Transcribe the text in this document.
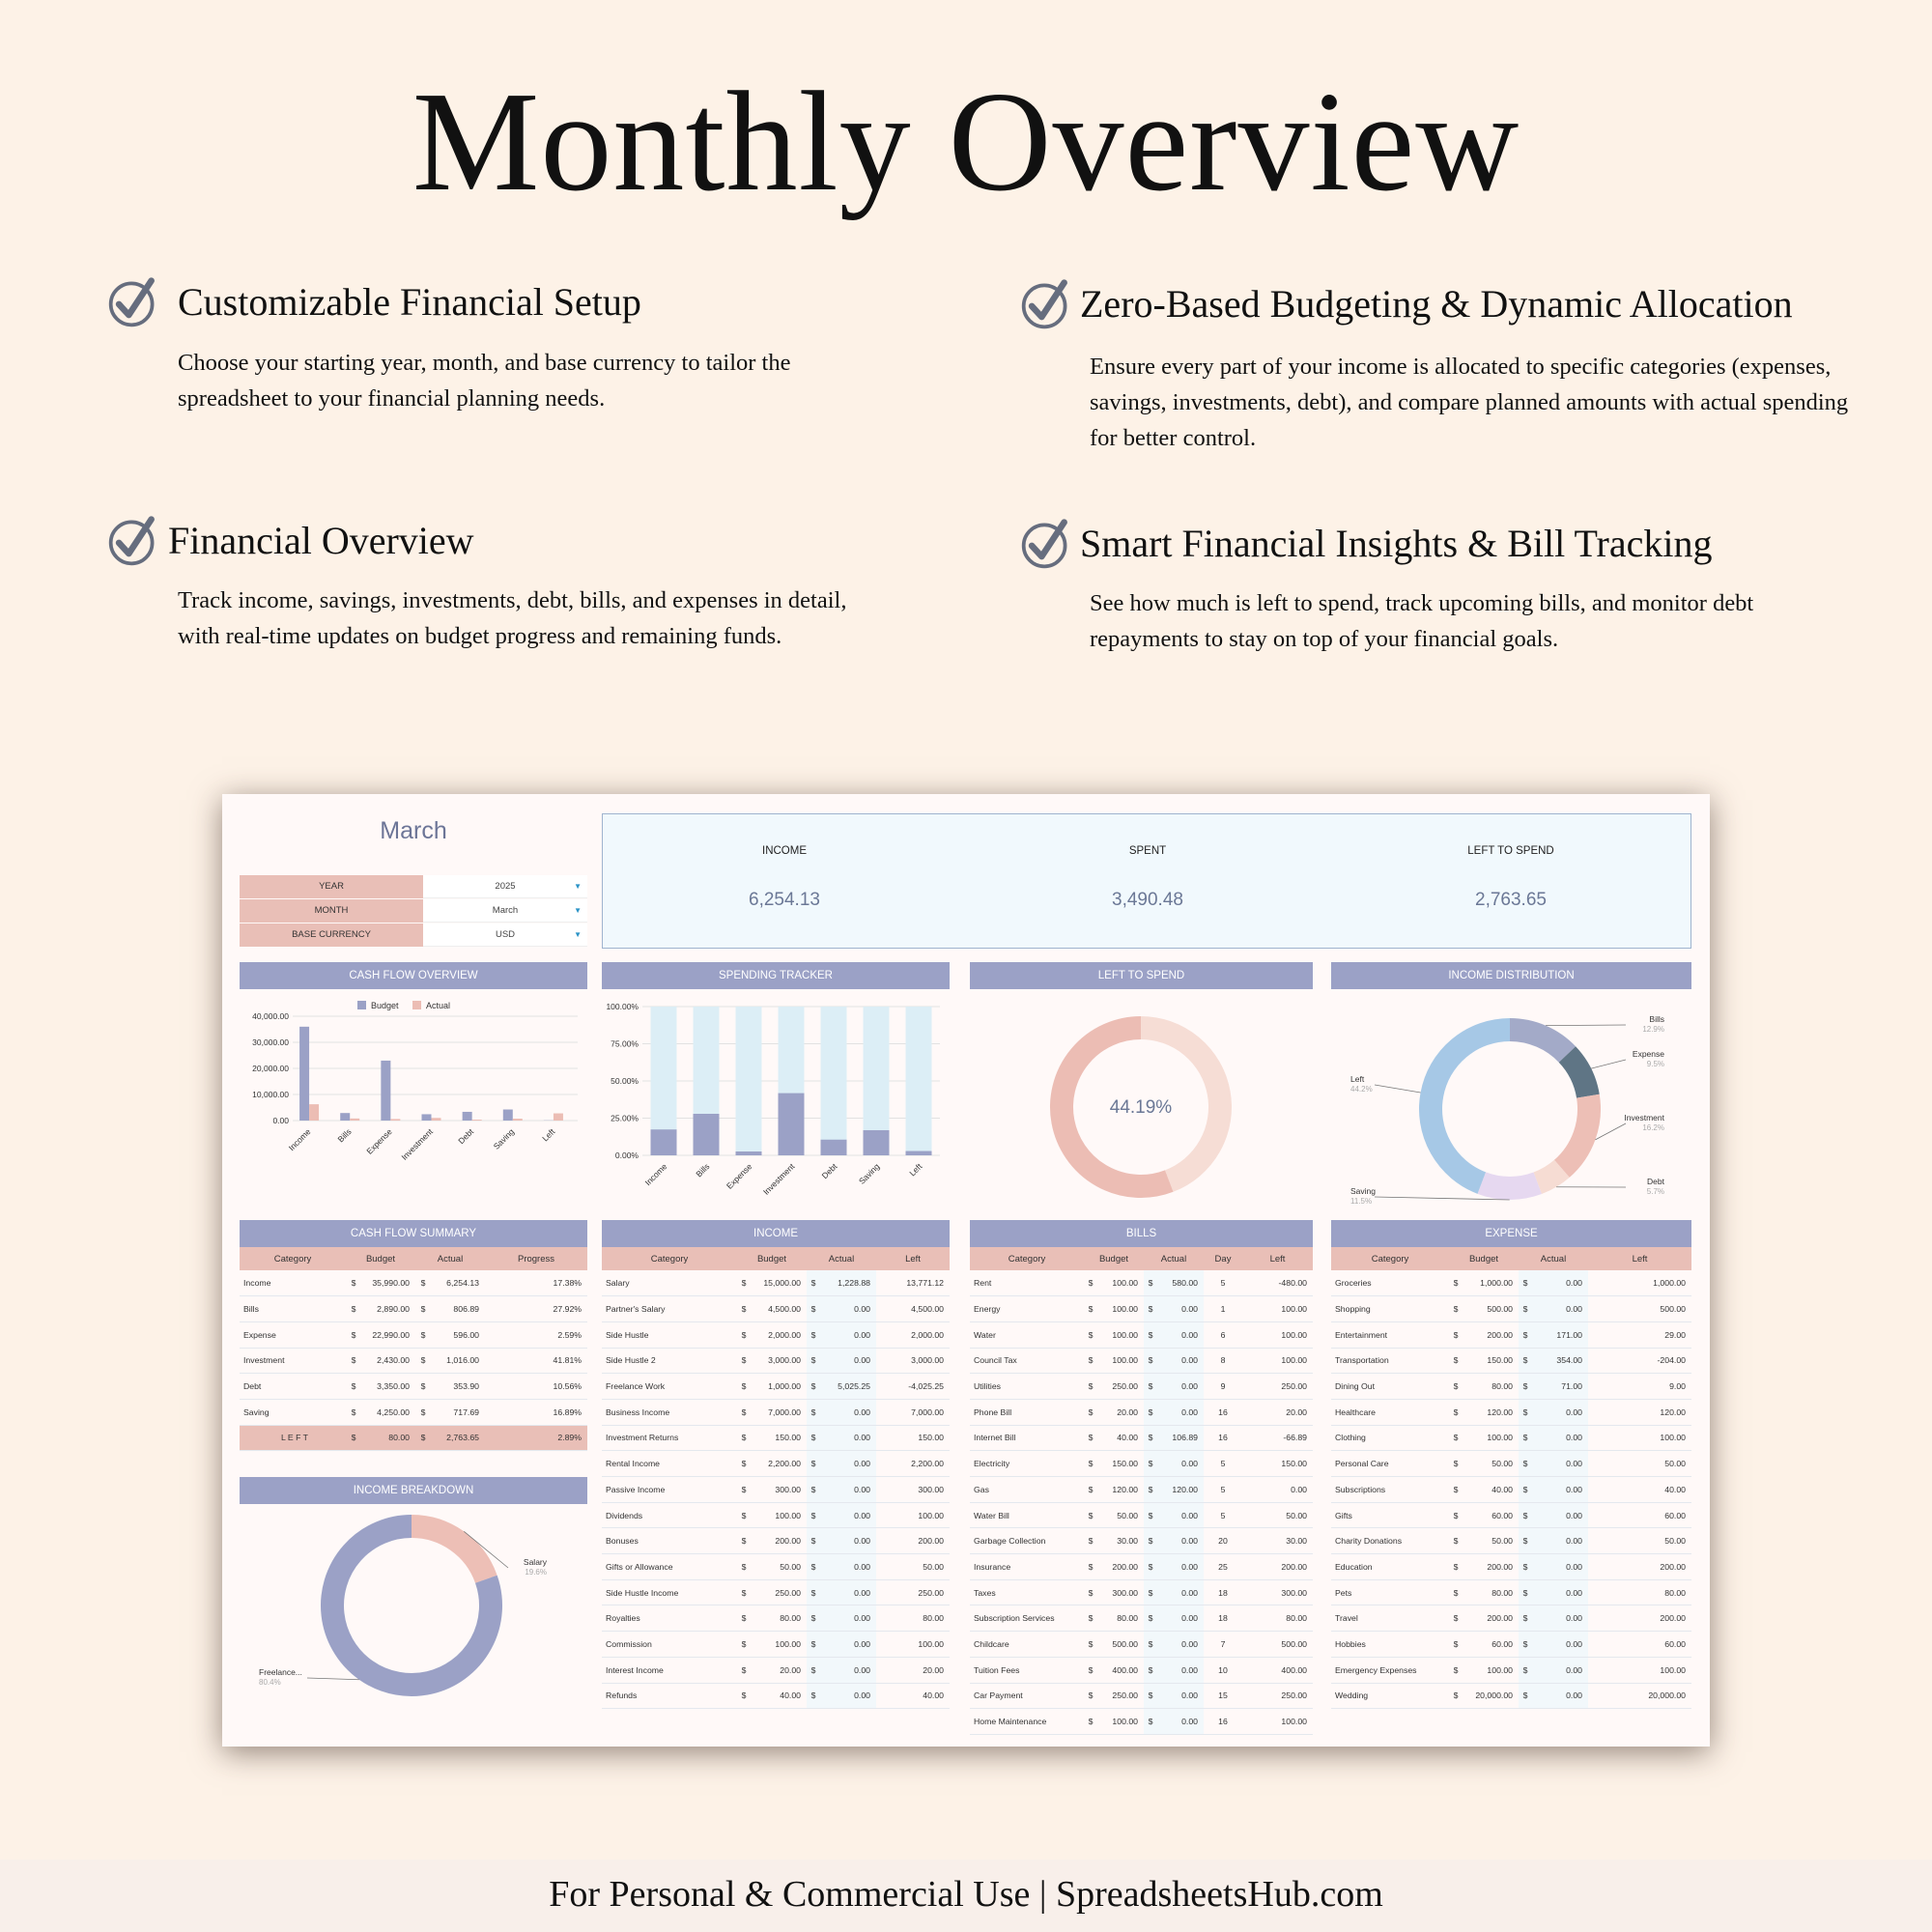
Monthly Overview
Customizable Financial Setup

Choose your starting year, month, and base currency to tailor the spreadsheet to your financial planning needs.

Zero-Based Budgeting & Dynamic Allocation

Ensure every part of your income is allocated to specific categories (expenses, savings, investments, debt), and compare planned amounts with actual spending for better control.

Financial Overview

Track income, savings, investments, debt, bills, and expenses in detail, with real-time updates on budget progress and remaining funds.

Smart Financial Insights & Bill Tracking

See how much is left to spend, track upcoming bills, and monitor debt repayments to stay on top of your financial goals.

March
YEAR	2025	▼
MONTH	March	▼
BASE CURRENCY	USD	▼
INCOME
6,254.13
SPENT
3,490.48
LEFT TO SPEND
2,763.65
CASH FLOW OVERVIEW	SPENDING TRACKER	LEFT TO SPEND	INCOME DISTRIBUTION
Budget	Actual
40,000.00
30,000.00
20,000.00
10,000.00
0.00
Income	Bills Expense Investment	Debt Saving	Left
100.00%
75.00%
50.00%
25.00%
0.00%
Income	Bills Expense Investment	Debt Saving	Left
44.19%
Bills
12.9%
Expense
9.5%
Investment
16.2%
Debt
5.7%
Saving
11.5%
Left
44.2%
CASH FLOW SUMMARY	INCOME	BILLS	EXPENSE
Category	Budget		Actual		Progress
Income	$	35,990.00	$	6,254.13	17.38%
Bills	$	2,890.00	$	806.89	27.92%
Expense	$	22,990.00	$	596.00	2.59%
Investment	$	2,430.00	$	1,016.00	41.81%
Debt	$	3,350.00	$	353.90	10.56%
Saving	$	4,250.00	$	717.69	16.89%
L E F T	$	80.00	$	2,763.65	2.89%
Category	Budget		Actual		Left
Salary	$	15,000.00	$	1,228.88	13,771.12
Partner's Salary	$	4,500.00	$	0.00	4,500.00
Side Hustle	$	2,000.00	$	0.00	2,000.00
Side Hustle 2	$	3,000.00	$	0.00	3,000.00
Freelance Work	$	1,000.00	$	5,025.25	-4,025.25
Business Income	$	7,000.00	$	0.00	7,000.00
Investment Returns	$	150.00	$	0.00	150.00
Rental Income	$	2,200.00	$	0.00	2,200.00
Passive Income	$	300.00	$	0.00	300.00
Dividends	$	100.00	$	0.00	100.00
Bonuses	$	200.00	$	0.00	200.00
Gifts or Allowance	$	50.00	$	0.00	50.00
Side Hustle Income	$	250.00	$	0.00	250.00
Royalties	$	80.00	$	0.00	80.00
Commission	$	100.00	$	0.00	100.00
Interest Income	$	20.00	$	0.00	20.00
Refunds	$	40.00	$	0.00	40.00
Category	Budget		Actual		Day	Left
Rent	$	100.00	$	580.00	5	-480.00
Energy	$	100.00	$	0.00	1	100.00
Water	$	100.00	$	0.00	6	100.00
Council Tax	$	100.00	$	0.00	8	100.00
Utilities	$	250.00	$	0.00	9	250.00
Phone Bill	$	20.00	$	0.00	16	20.00
Internet Bill	$	40.00	$	106.89	16	-66.89
Electricity	$	150.00	$	0.00	5	150.00
Gas	$	120.00	$	120.00	5	0.00
Water Bill	$	50.00	$	0.00	5	50.00
Garbage Collection	$	30.00	$	0.00	20	30.00
Insurance	$	200.00	$	0.00	25	200.00
Taxes	$	300.00	$	0.00	18	300.00
Subscription Services	$	80.00	$	0.00	18	80.00
Childcare	$	500.00	$	0.00	7	500.00
Tuition Fees	$	400.00	$	0.00	10	400.00
Car Payment	$	250.00	$	0.00	15	250.00
Home Maintenance	$	100.00	$	0.00	16	100.00
Category	Budget		Actual		Left
Groceries	$	1,000.00	$	0.00	1,000.00
Shopping	$	500.00	$	0.00	500.00
Entertainment	$	200.00	$	171.00	29.00
Transportation	$	150.00	$	354.00	-204.00
Dining Out	$	80.00	$	71.00	9.00
Healthcare	$	120.00	$	0.00	120.00
Clothing	$	100.00	$	0.00	100.00
Personal Care	$	50.00	$	0.00	50.00
Subscriptions	$	40.00	$	0.00	40.00
Gifts	$	60.00	$	0.00	60.00
Charity Donations	$	50.00	$	0.00	50.00
Education	$	200.00	$	0.00	200.00
Pets	$	80.00	$	0.00	80.00
Travel	$	200.00	$	0.00	200.00
Hobbies	$	60.00	$	0.00	60.00
Emergency Expenses	$	100.00	$	0.00	100.00
Wedding	$	20,000.00	$	0.00	20,000.00
INCOME BREAKDOWN
Salary
19.6%
Freelance...
80.4%
For Personal & Commercial Use | SpreadsheetsHub.com
